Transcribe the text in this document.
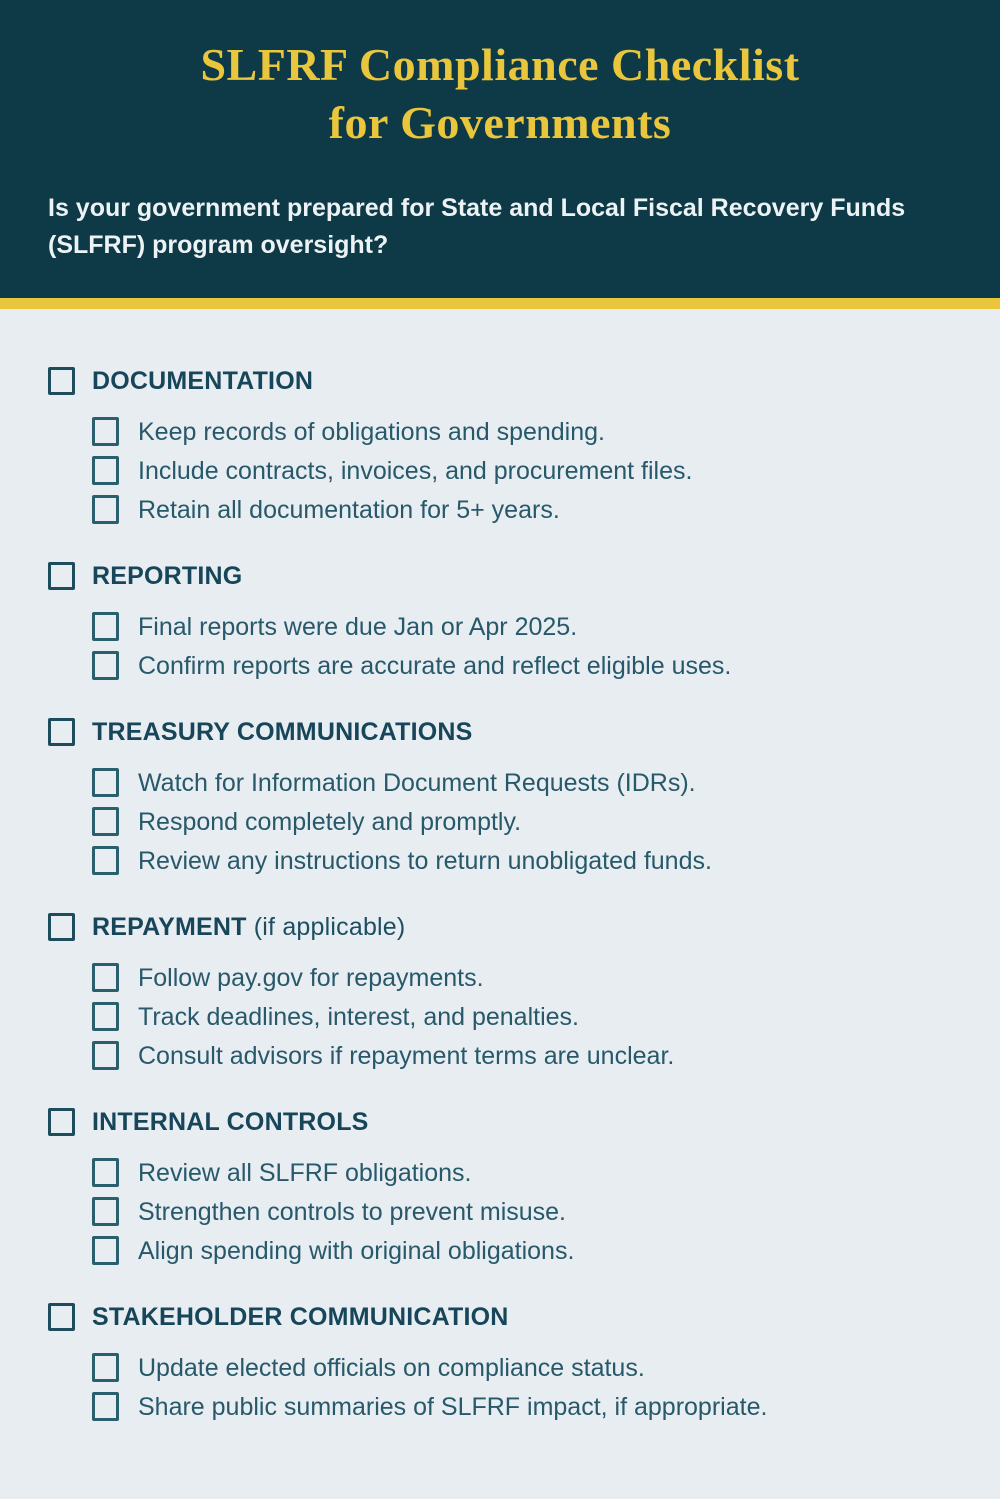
SLFRF Compliance Checklist
for Governments

Is your government prepared for State and Local Fiscal Recovery Funds (SLFRF) program oversight?

DOCUMENTATION
Keep records of obligations and spending.
Include contracts, invoices, and procurement files.
Retain all documentation for 5+ years.
REPORTING
Final reports were due Jan or Apr 2025.
Confirm reports are accurate and reflect eligible uses.
TREASURY COMMUNICATIONS
Watch for Information Document Requests (IDRs).
Respond completely and promptly.
Review any instructions to return unobligated funds.
REPAYMENT (if applicable)
Follow pay.gov for repayments.
Track deadlines, interest, and penalties.
Consult advisors if repayment terms are unclear.
INTERNAL CONTROLS
Review all SLFRF obligations.
Strengthen controls to prevent misuse.
Align spending with original obligations.
STAKEHOLDER COMMUNICATION
Update elected officials on compliance status.
Share public summaries of SLFRF impact, if appropriate.
